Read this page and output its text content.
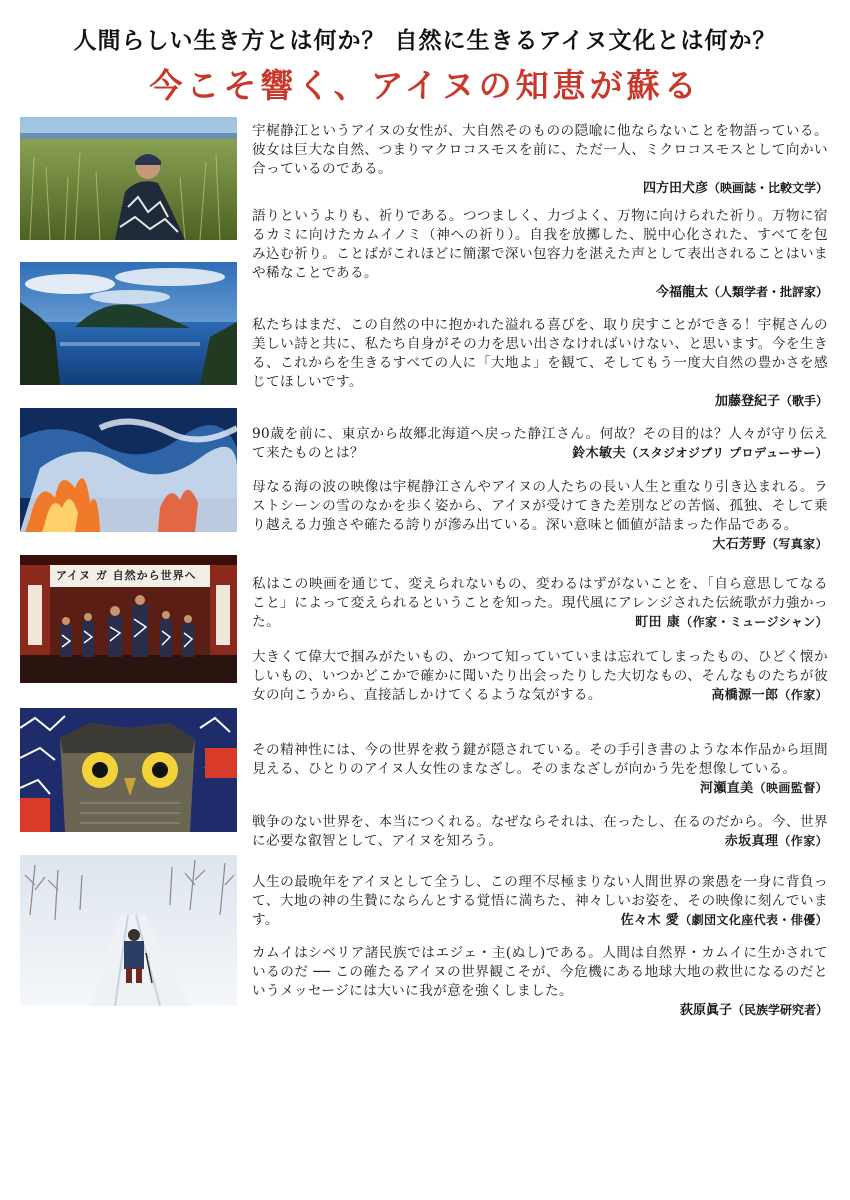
人間らしい生き方とは何か？ 自然に生きるアイヌ文化とは何か？
今こそ響く、アイヌの知恵が蘇る
アイヌ ガ 自然から世界へ

宇梶静江というアイヌの女性が、大自然そのものの隠喩に他ならないことを物語っている。彼女は巨大な自然、つまりマクロコスモスを前に、ただ一人、ミクロコスモスとして向かい合っているのである。

四方田犬彦（映画誌・比較文学）

語りというよりも、祈りである。つつましく、力づよく、万物に向けられた祈り。万物に宿るカミに向けたカムイノミ（神への祈り）。自我を放擲した、脱中心化された、すべてを包み込む祈り。ことばがこれほどに簡潔で深い包容力を湛えた声として表出されることはいまや稀なことである。

今福龍太（人類学者・批評家）

私たちはまだ、この自然の中に抱かれた溢れる喜びを、取り戻すことができる！宇梶さんの美しい詩と共に、私たち自身がその力を思い出さなければいけない、と思います。今を生きる、これからを生きるすべての人に「大地よ」を観て、そしてもう一度大自然の豊かさを感じてほしいです。

加藤登紀子（歌手）

90歳を前に、東京から故郷北海道へ戻った静江さん。何故？その目的は？人々が守り伝えて来たものとは？	鈴木敏夫（スタジオジブリ プロデューサー）

母なる海の波の映像は宇梶静江さんやアイヌの人たちの長い人生と重なり引き込まれる。ラストシーンの雪のなかを歩く姿から、アイヌが受けてきた差別などの苦悩、孤独、そして乗り越える力強さや確たる誇りが滲み出ている。深い意味と価値が詰まった作品である。
大石芳野（写真家）

私はこの映画を通じて、変えられないもの、変わるはずがないことを、「自ら意思してなること」によって変えられるということを知った。現代風にアレンジされた伝統歌が力強かった。	町田 康（作家・ミュージシャン）

大きくて偉大で掴みがたいもの、かつて知っていていまは忘れてしまったもの、ひどく懐かしいもの、いつかどこかで確かに聞いたり出会ったりした大切なもの、そんなものたちが彼女の向こうから、直接話しかけてくるような気がする。	高橋源一郎（作家）

その精神性には、今の世界を救う鍵が隠されている。その手引き書のような本作品から垣間見える、ひとりのアイヌ人女性のまなざし。そのまなざしが向かう先を想像している。
河瀬直美（映画監督）

戦争のない世界を、本当につくれる。なぜならそれは、在ったし、在るのだから。今、世界に必要な叡智として、アイヌを知ろう。	赤坂真理（作家）

人生の最晩年をアイヌとして全うし、この理不尽極まりない人間世界の衆愚を一身に背負って、大地の神の生贄にならんとする覚悟に満ちた、神々しいお姿を、その映像に刻んでいます。	佐々木 愛（劇団文化座代表・俳優）

カムイはシベリア諸民族ではエジェ・主(ぬし)である。人間は自然界・カムイに生かされているのだ ── この確たるアイヌの世界観こそが、今危機にある地球大地の救世になるのだというメッセージには大いに我が意を強くしました。

荻原眞子（民族学研究者）
